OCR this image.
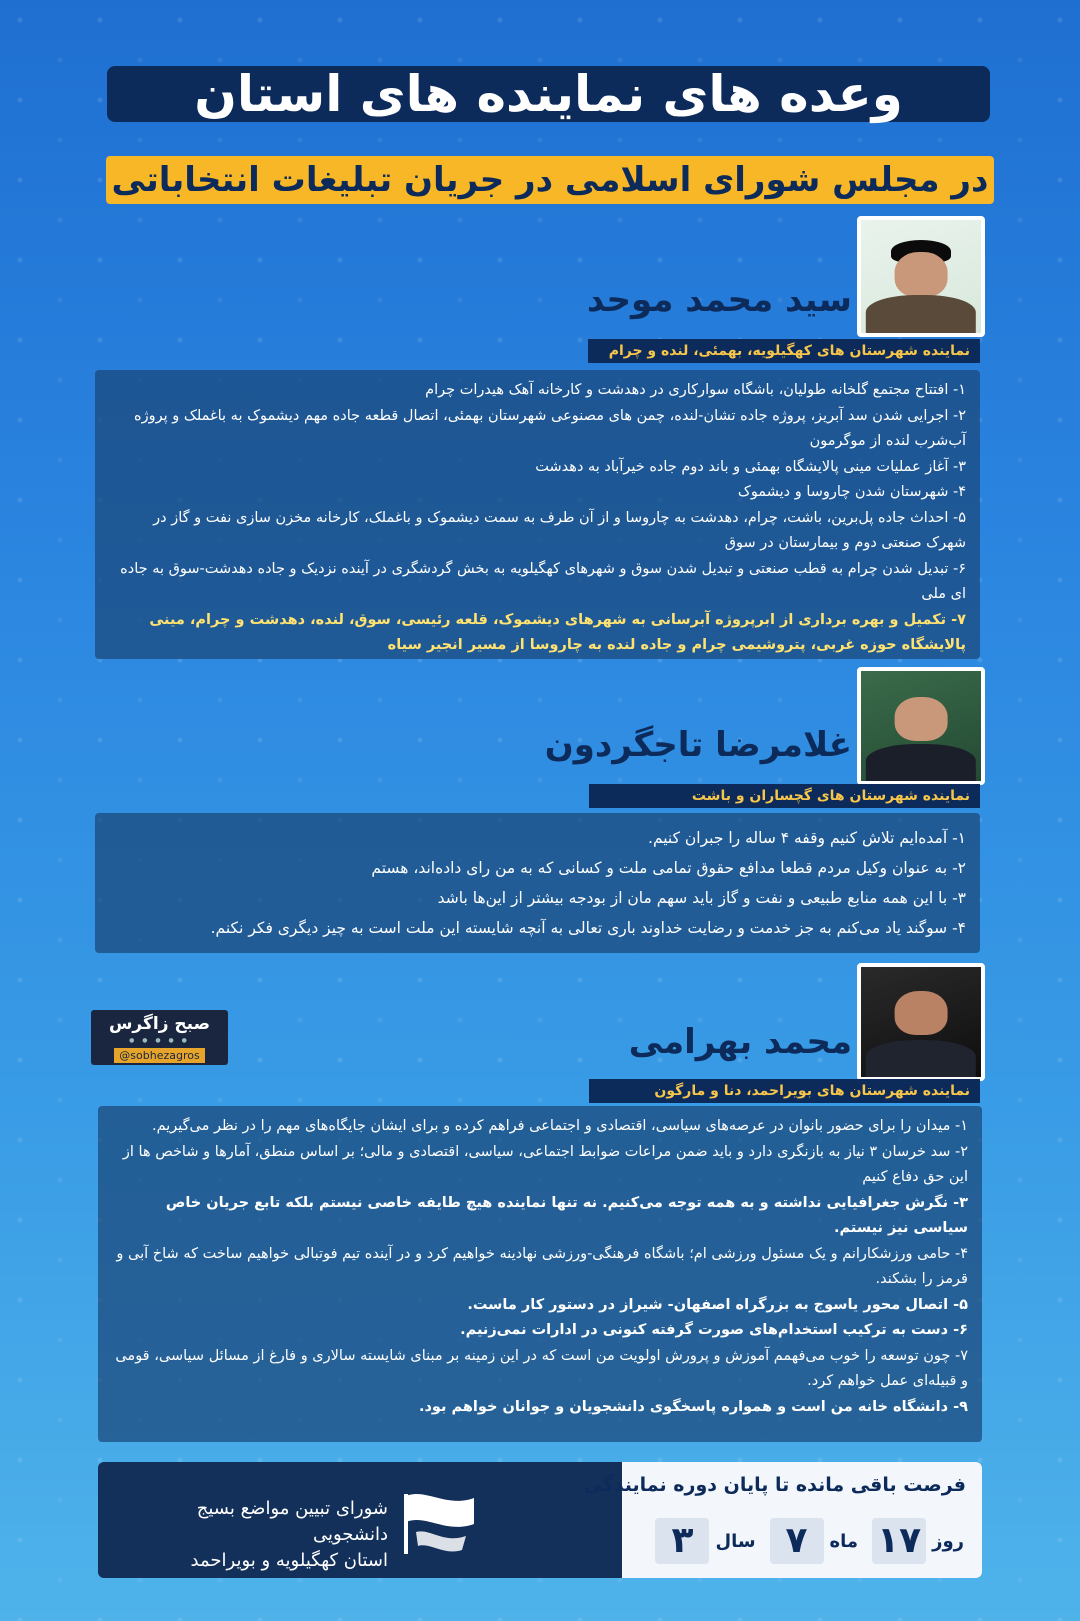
وعده های نماینده های استان
در مجلس شورای اسلامی در جریان تبلیغات انتخاباتی
سید محمد موحد
نماینده شهرستان های کهگیلویه، بهمئی، لنده و چرام

۱- افتتاح مجتمع گلخانه طولیان، باشگاه سوارکاری در دهدشت و کارخانه آهک هیدرات چرام

۲- اجرایی شدن سد آبریز، پروژه جاده تشان-لنده، چمن های مصنوعی شهرستان بهمئی، اتصال قطعه جاده مهم دیشموک به باغملک و پروژه آب‌شرب لنده از موگرمون

۳- آغاز عملیات مینی پالایشگاه بهمئی و باند دوم جاده خیرآباد به دهدشت

۴- شهرستان شدن چاروسا و دیشموک

۵- احداث جاده پل‌برین، باشت، چرام، دهدشت به چاروسا و از آن طرف به سمت دیشموک و باغملک، کارخانه مخزن سازی نفت و گاز در شهرک صنعتی دوم و بیمارستان در سوق

۶- تبدیل شدن چرام به قطب صنعتی و تبدیل شدن سوق و شهرهای کهگیلویه به بخش گردشگری در آینده نزدیک و جاده دهدشت-سوق به جاده ای ملی

۷- تکمیل و بهره برداری از ابرپروژه آبرسانی به شهرهای دیشموک، قلعه رئیسی، سوق، لنده، دهدشت و چرام، مینی پالایشگاه حوزه غربی، پتروشیمی چرام و جاده لنده به چاروسا از مسیر انجیر سیاه

غلامرضا تاجگردون
نماینده شهرستان های گچساران و باشت

۱- آمده‌ایم تلاش کنیم وقفه ۴ ساله را جبران کنیم.

۲- به عنوان وکیل مردم قطعا مدافع حقوق تمامی ملت و کسانی که به من رای داده‌اند، هستم

۳- با این همه منابع طبیعی و نفت و گاز باید سهم مان از بودجه بیشتر از این‌ها باشد

۴- سوگند یاد می‌کنم به جز خدمت و رضایت خداوند باری تعالی به آنچه شایسته این ملت است به چیز دیگری فکر نکنم.

صبح زاگرس
● ● ● ● ●
@sobhezagros	محمد بهرامی
نماینده شهرستان های بویراحمد، دنا و مارگون

۱- میدان را برای حضور بانوان در عرصه‌های سیاسی، اقتصادی و اجتماعی فراهم کرده و برای ایشان جایگاه‌های مهم را در نظر می‌گیریم.

۲- سد خرسان ۳ نیاز به بازنگری دارد و باید ضمن مراعات ضوابط اجتماعی، سیاسی، اقتصادی و مالی؛ بر اساس منطق، آمارها و شاخص ها از این حق دفاع کنیم

۳- نگرش جغرافیایی نداشته و به همه توجه می‌کنیم. نه تنها نماینده هیچ طایفه خاصی نیستم بلکه تابع جریان خاص سیاسی نیز نیستم.

۴- حامی ورزشکارانم و یک مسئول ورزشی ام؛ باشگاه فرهنگی-ورزشی نهادینه خواهیم کرد و در آینده تیم فوتبالی خواهیم ساخت که شاخ آبی و قرمز را بشکند.

۵- اتصال محور یاسوج به بزرگراه اصفهان- شیراز در دستور کار ماست.

۶- دست به ترکیب استخدام‌های صورت گرفته کنونی در ادارات نمی‌زنیم.

۷- چون توسعه را خوب می‌فهمم آموزش و پرورش اولویت من است که در این زمینه بر مبنای شایسته سالاری و فارغ از مسائل سیاسی، قومی و قبیله‌ای عمل خواهم کرد.

۹- دانشگاه خانه من است و همواره پاسخگوی دانشجویان و جوانان خواهم بود.

فرصت باقی مانده تا پایان دوره نمایندگی
روز
۱۷
ماه
۷
سال
۳
شورای تبیین مواضع بسیج دانشجویی
استان کهگیلویه و بویراحمد
